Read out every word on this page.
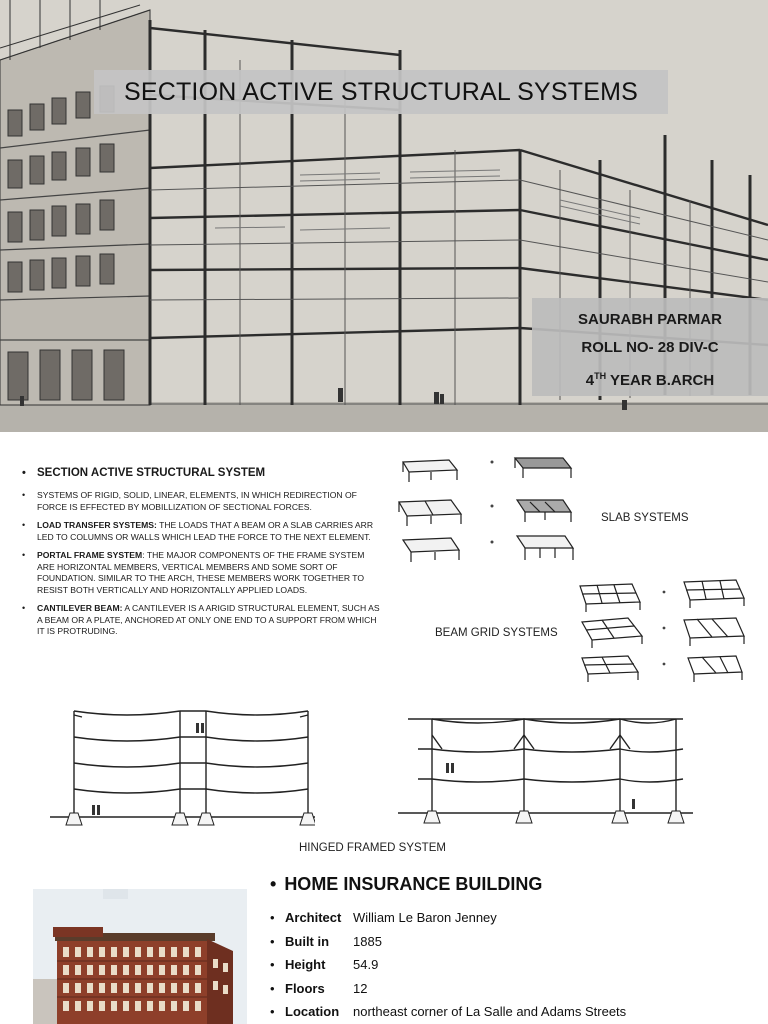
SECTION ACTIVE STRUCTURAL SYSTEMS
SAURABH PARMAR
ROLL NO- 28 DIV-C
4TH YEAR B.ARCH
• SECTION ACTIVE STRUCTURAL SYSTEM
• SYSTEMS OF RIGID, SOLID, LINEAR, ELEMENTS, IN WHICH REDIRECTION OF FORCE IS EFFECTED BY MOBILLIZATION OF SECTIONAL FORCES.
• LOAD TRANSFER SYSTEMS: THE LOADS THAT A BEAM OR A SLAB CARRIES ARR LED TO COLUMNS OR WALLS WHICH LEAD THE FORCE TO THE NEXT ELEMENT.
• PORTAL FRAME SYSTEM: THE MAJOR COMPONENTS OF THE FRAME SYSTEM ARE HORIZONTAL MEMBERS, VERTICAL MEMBERS AND SOME SORT OF FOUNDATION. SIMILAR TO THE ARCH, THESE MEMBERS WORK TOGETHER TO RESIST BOTH VERTICALLY AND HORIZONTALLY APPLIED LOADS.
• CANTILEVER BEAM: A CANTILEVER IS A ARIGID STRUCTURAL ELEMENT, SUCH AS A BEAM OR A PLATE, ANCHORED AT ONLY ONE END TO A SUPPORT FROM WHICH IT IS PROTRUDING.
SLAB SYSTEMS
BEAM GRID SYSTEMS
HINGED FRAMED SYSTEM
• HOME INSURANCE BUILDING
• Architect William Le Baron Jenney
• Built in	1885
• Height	54.9
• Floors	12
• Location	northeast corner of La Salle and Adams Streets
